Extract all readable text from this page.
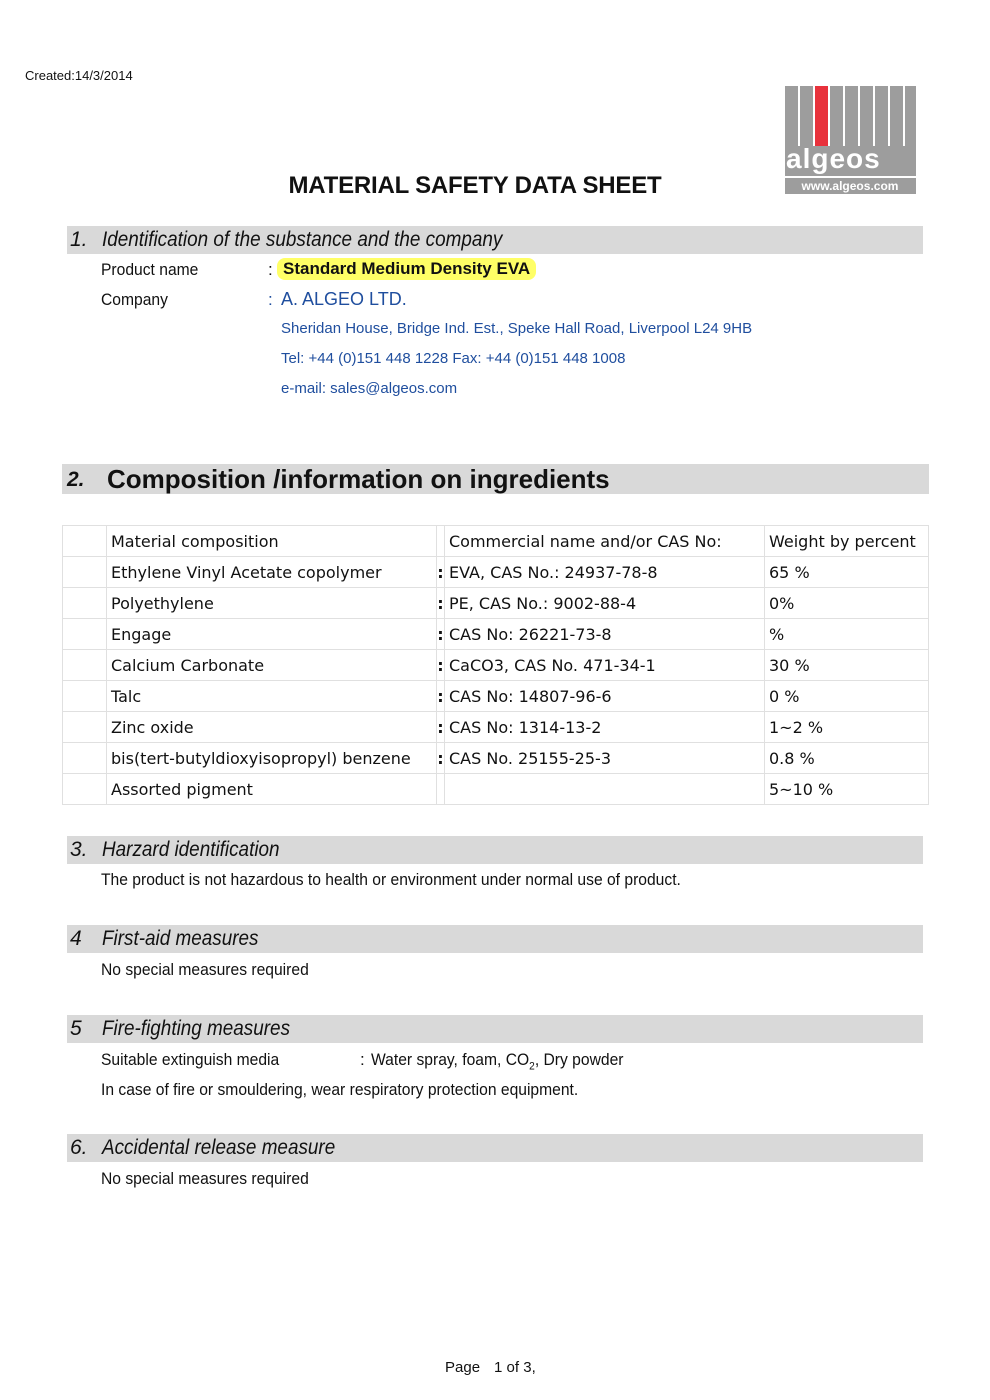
Created:14/3/2014
algeos
www.algeos.com
MATERIAL SAFETY DATA SHEET
1. Identification of the substance and the company
Product name	: Standard Medium Density EVA
Company	: A. ALGEO LTD.
Sheridan House, Bridge Ind. Est., Speke Hall Road, Liverpool L24 9HB
Tel: +44 (0)151 448 1228 Fax: +44 (0)151 448 1008
e-mail: sales@algeos.com
2. Composition /information on ingredients
	Material composition		Commercial name and/or CAS No:	Weight by percent
	Ethylene Vinyl Acetate copolymer	:	EVA, CAS No.: 24937-78-8	65 %
	Polyethylene	:	PE, CAS No.: 9002-88-4	0%
	Engage	:	CAS No: 26221-73-8	%
	Calcium Carbonate	:	CaCO3, CAS No. 471-34-1	30 %
	Talc	:	CAS No: 14807-96-6	0 %
	Zinc oxide	:	CAS No: 1314-13-2	1~2 %
	bis(tert-butyldioxyisopropyl) benzene	:	CAS No. 25155-25-3	0.8 %
	Assorted pigment			5~10 %
3. Harzard identification
The product is not hazardous to health or environment under normal use of product.
4 First-aid measures
No special measures required
5 Fire-fighting measures
Suitable extinguish media	: Water spray, foam, $CO_2$, Dry powder
In case of fire or smouldering, wear respiratory protection equipment.
6. Accidental release measure
No special measures required
Page 1 of 3,
